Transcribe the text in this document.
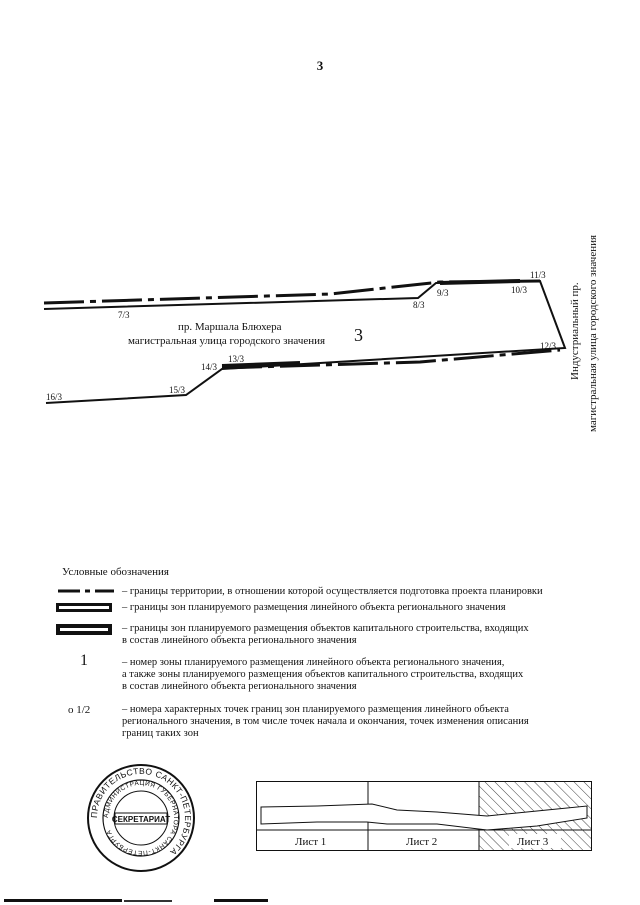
3
7/3
8/3
9/3	10/3
11/3
12/3
13/3
14/3
15/3
16/3
пр. Маршала Блюхера
магистральная улица городского значения 3	Индустриальный пр. магистральная улица городского значения
Условные обозначения
– границы территории, в отношении которой осуществляется подготовка проекта планировки
– границы зон планируемого размещения линейного объекта регионального значения
– границы зон планируемого размещения объектов капитального строительства, входящих
в состав линейного объекта регионального значения
1	– номер зоны планируемого размещения линейного объекта регионального значения,
а также зоны планируемого размещения объектов капитального строительства, входящих
в состав линейного объекта регионального значения
o 1/2	– номера характерных точек границ зон планируемого размещения линейного объекта
регионального значения, в том числе точек начала и окончания, точек изменения описания
границ таких зон
ПРАВИТЕЛЬСТВО САНКТ-ПЕТЕРБУРГА
АДМИНИСТРАЦИЯ ГУБЕРНАТОРА САНКТ-ПЕТЕРБУРГА
СЕКРЕТАРИАТ
Лист 1	Лист 2	Лист 3
